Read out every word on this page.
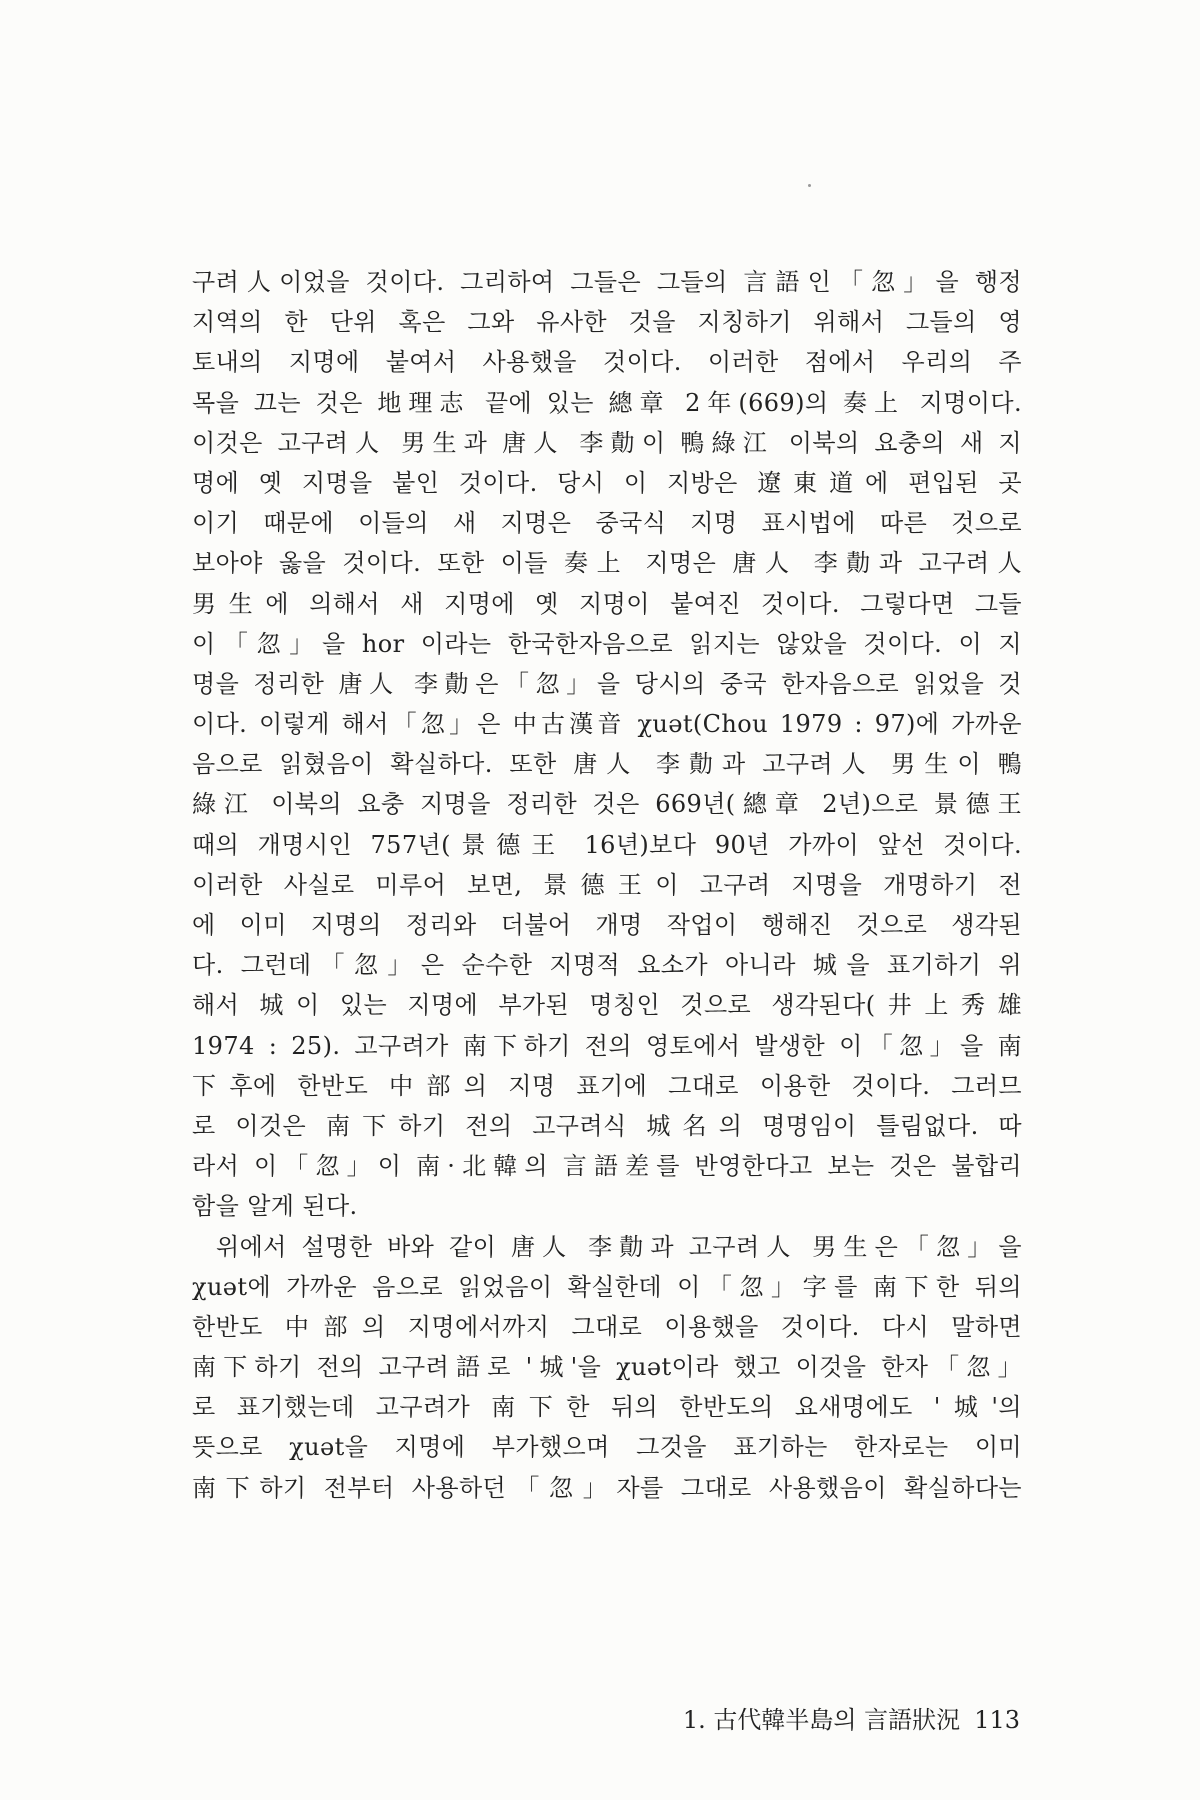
구려人이었을 것이다. 그리하여 그들은 그들의 言語인「忽」을 행정
지역의 한 단위 혹은 그와 유사한 것을 지칭하기 위해서 그들의 영
토내의 지명에 붙여서 사용했을 것이다. 이러한 점에서 우리의 주
목을 끄는 것은 地理志 끝에 있는 總章 2年(669)의 奏上 지명이다.
이것은 고구려人 男生과 唐人 李勣이 鴨綠江 이북의 요충의 새 지
명에 옛 지명을 붙인 것이다. 당시 이 지방은 遼東道에 편입된 곳
이기 때문에 이들의 새 지명은 중국식 지명 표시법에 따른 것으로
보아야 옳을 것이다. 또한 이들 奏上 지명은 唐人 李勣과 고구려人
男生에 의해서 새 지명에 옛 지명이 붙여진 것이다. 그렇다면 그들
이「忽」을 hor 이라는 한국한자음으로 읽지는 않았을 것이다. 이 지
명을 정리한 唐人 李勣은「忽」을 당시의 중국 한자음으로 읽었을 것
이다. 이렇게 해서「忽」은 中古漢音 χuət(Chou 1979 : 97)에 가까운
음으로 읽혔음이 확실하다. 또한 唐人 李勣과 고구려人 男生이 鴨
綠江 이북의 요충 지명을 정리한 것은 669년(總章 2년)으로 景德王
때의 개명시인 757년(景德王 16년)보다 90년 가까이 앞선 것이다.
이러한 사실로 미루어 보면, 景德王이 고구려 지명을 개명하기 전
에 이미 지명의 정리와 더불어 개명 작업이 행해진 것으로 생각된
다. 그런데「忽」은 순수한 지명적 요소가 아니라 城을 표기하기 위
해서 城이 있는 지명에 부가된 명칭인 것으로 생각된다(井上秀雄
1974 : 25). 고구려가 南下하기 전의 영토에서 발생한 이「忽」을 南
下후에 한반도 中部의 지명 표기에 그대로 이용한 것이다. 그러므
로 이것은 南下하기 전의 고구려식 城名의 명명임이 틀림없다. 따
라서 이「忽」이 南·北韓의 言語差를 반영한다고 보는 것은 불합리
함을 알게 된다.
위에서 설명한 바와 같이 唐人 李勣과 고구려人 男生은「忽」을
χuət에 가까운 음으로 읽었음이 확실한데 이「忽」字를 南下한 뒤의
한반도 中部의 지명에서까지 그대로 이용했을 것이다. 다시 말하면
南下하기 전의 고구려語로 '城'을 χuət이라 했고 이것을 한자「忽」
로 표기했는데 고구려가 南下한 뒤의 한반도의 요새명에도 '城'의
뜻으로 χuət을 지명에 부가했으며 그것을 표기하는 한자로는 이미
南下하기 전부터 사용하던「忽」자를 그대로 사용했음이 확실하다는
1. 古代韓半島의 言語狀況 113
